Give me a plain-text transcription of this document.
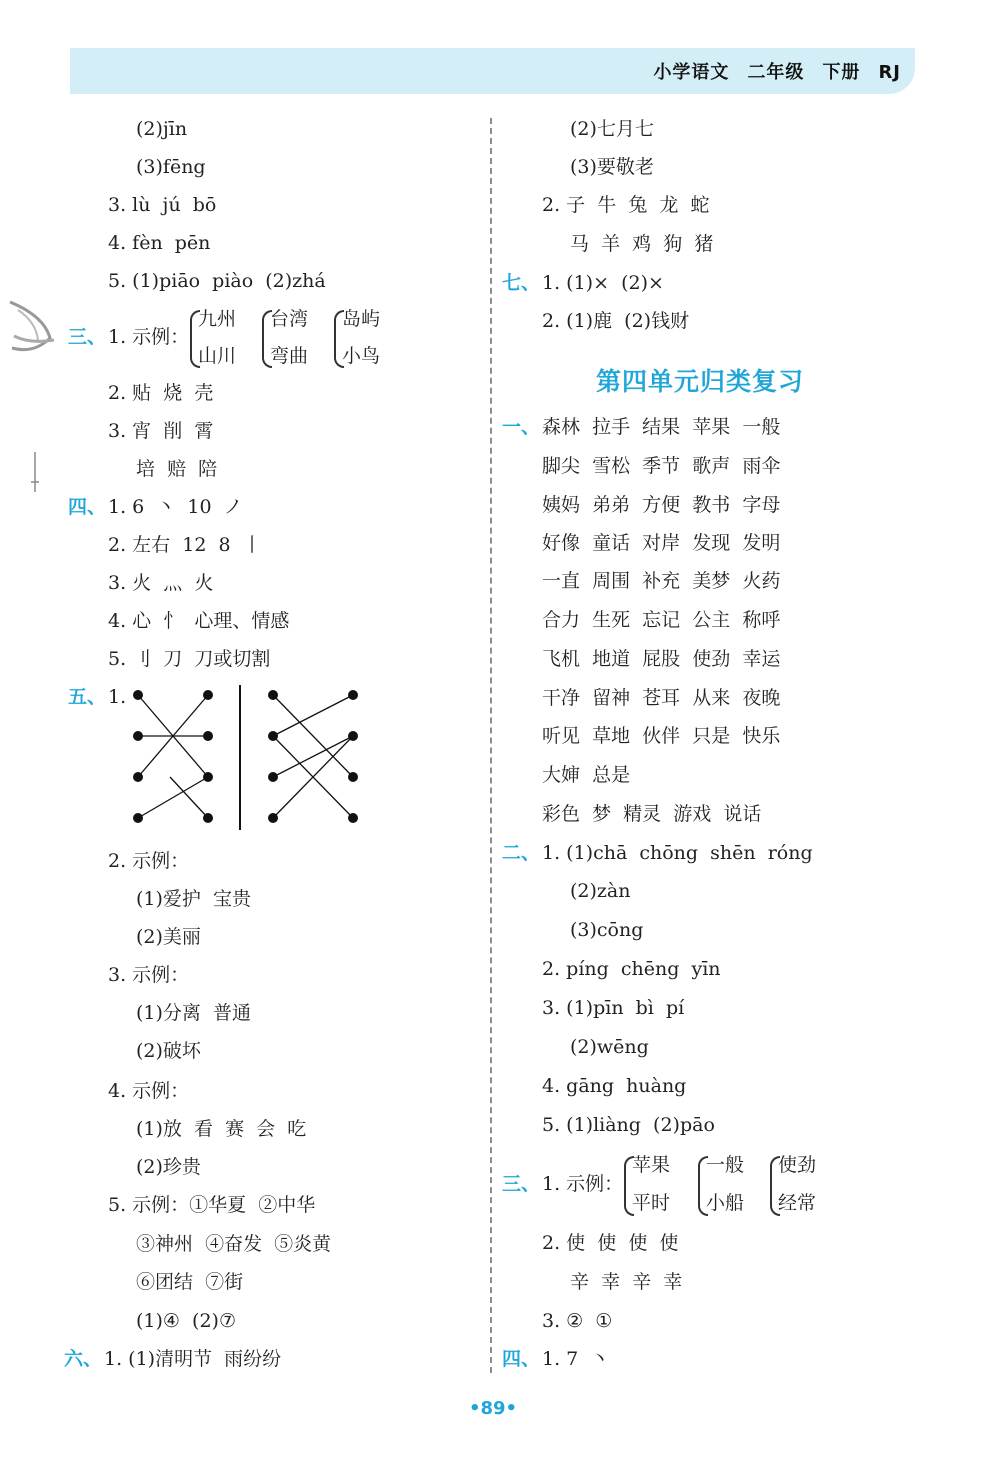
小学语文 二年级 下册 RJ
(2)jīn
(3)fēng
3. lù  jú  bō
4. fèn  pēn
5. (1)piāo  piào  (2)zhá
三、 1. 示例：
九州
山川
台湾
弯曲
岛屿
小鸟
2. 贴  烧  壳
3. 宵  削  霄
培  赔  陪
四、 1. 6  丶  10  ノ
2. 左右  12  8  丨
3. 火  灬  火
4. 心  忄  心理、情感
5. 刂  刀  刀或切割
五、 1.
2. 示例：
(1)爱护  宝贵
(2)美丽
3. 示例：
(1)分离  普通
(2)破坏
4. 示例：
(1)放  看  赛  会  吃
(2)珍贵
5. 示例：①华夏  ②中华
③神州  ④奋发  ⑤炎黄
⑥团结  ⑦街
(1)④  (2)⑦
六、 1. (1)清明节  雨纷纷
(2)七月七
(3)要敬老
2. 子  牛  兔  龙  蛇
马  羊  鸡  狗  猪
七、 1. (1)×  (2)×
2. (1)鹿  (2)钱财
第四单元归类复习
一、 森林  拉手  结果  苹果  一般
脚尖  雪松  季节  歌声  雨伞
姨妈  弟弟  方便  教书  字母
好像  童话  对岸  发现  发明
一直  周围  补充  美梦  火药
合力  生死  忘记  公主  称呼
飞机  地道  屁股  使劲  幸运
干净  留神  苍耳  从来  夜晚
听见  草地  伙伴  只是  快乐
大婶  总是
彩色  梦  精灵  游戏  说话
二、 1. (1)chā  chōng  shēn  róng
(2)zàn
(3)cōng
2. píng  chēng  yīn
3. (1)pīn  bì  pí
(2)wēng
4. gāng  huàng
5. (1)liàng  (2)pāo
三、 1. 示例：
苹果
平时
一般
小船
使劲
经常
2. 使  使  使  使
辛  幸  辛  幸
3. ②  ①
四、 1. 7  丶
•89•
